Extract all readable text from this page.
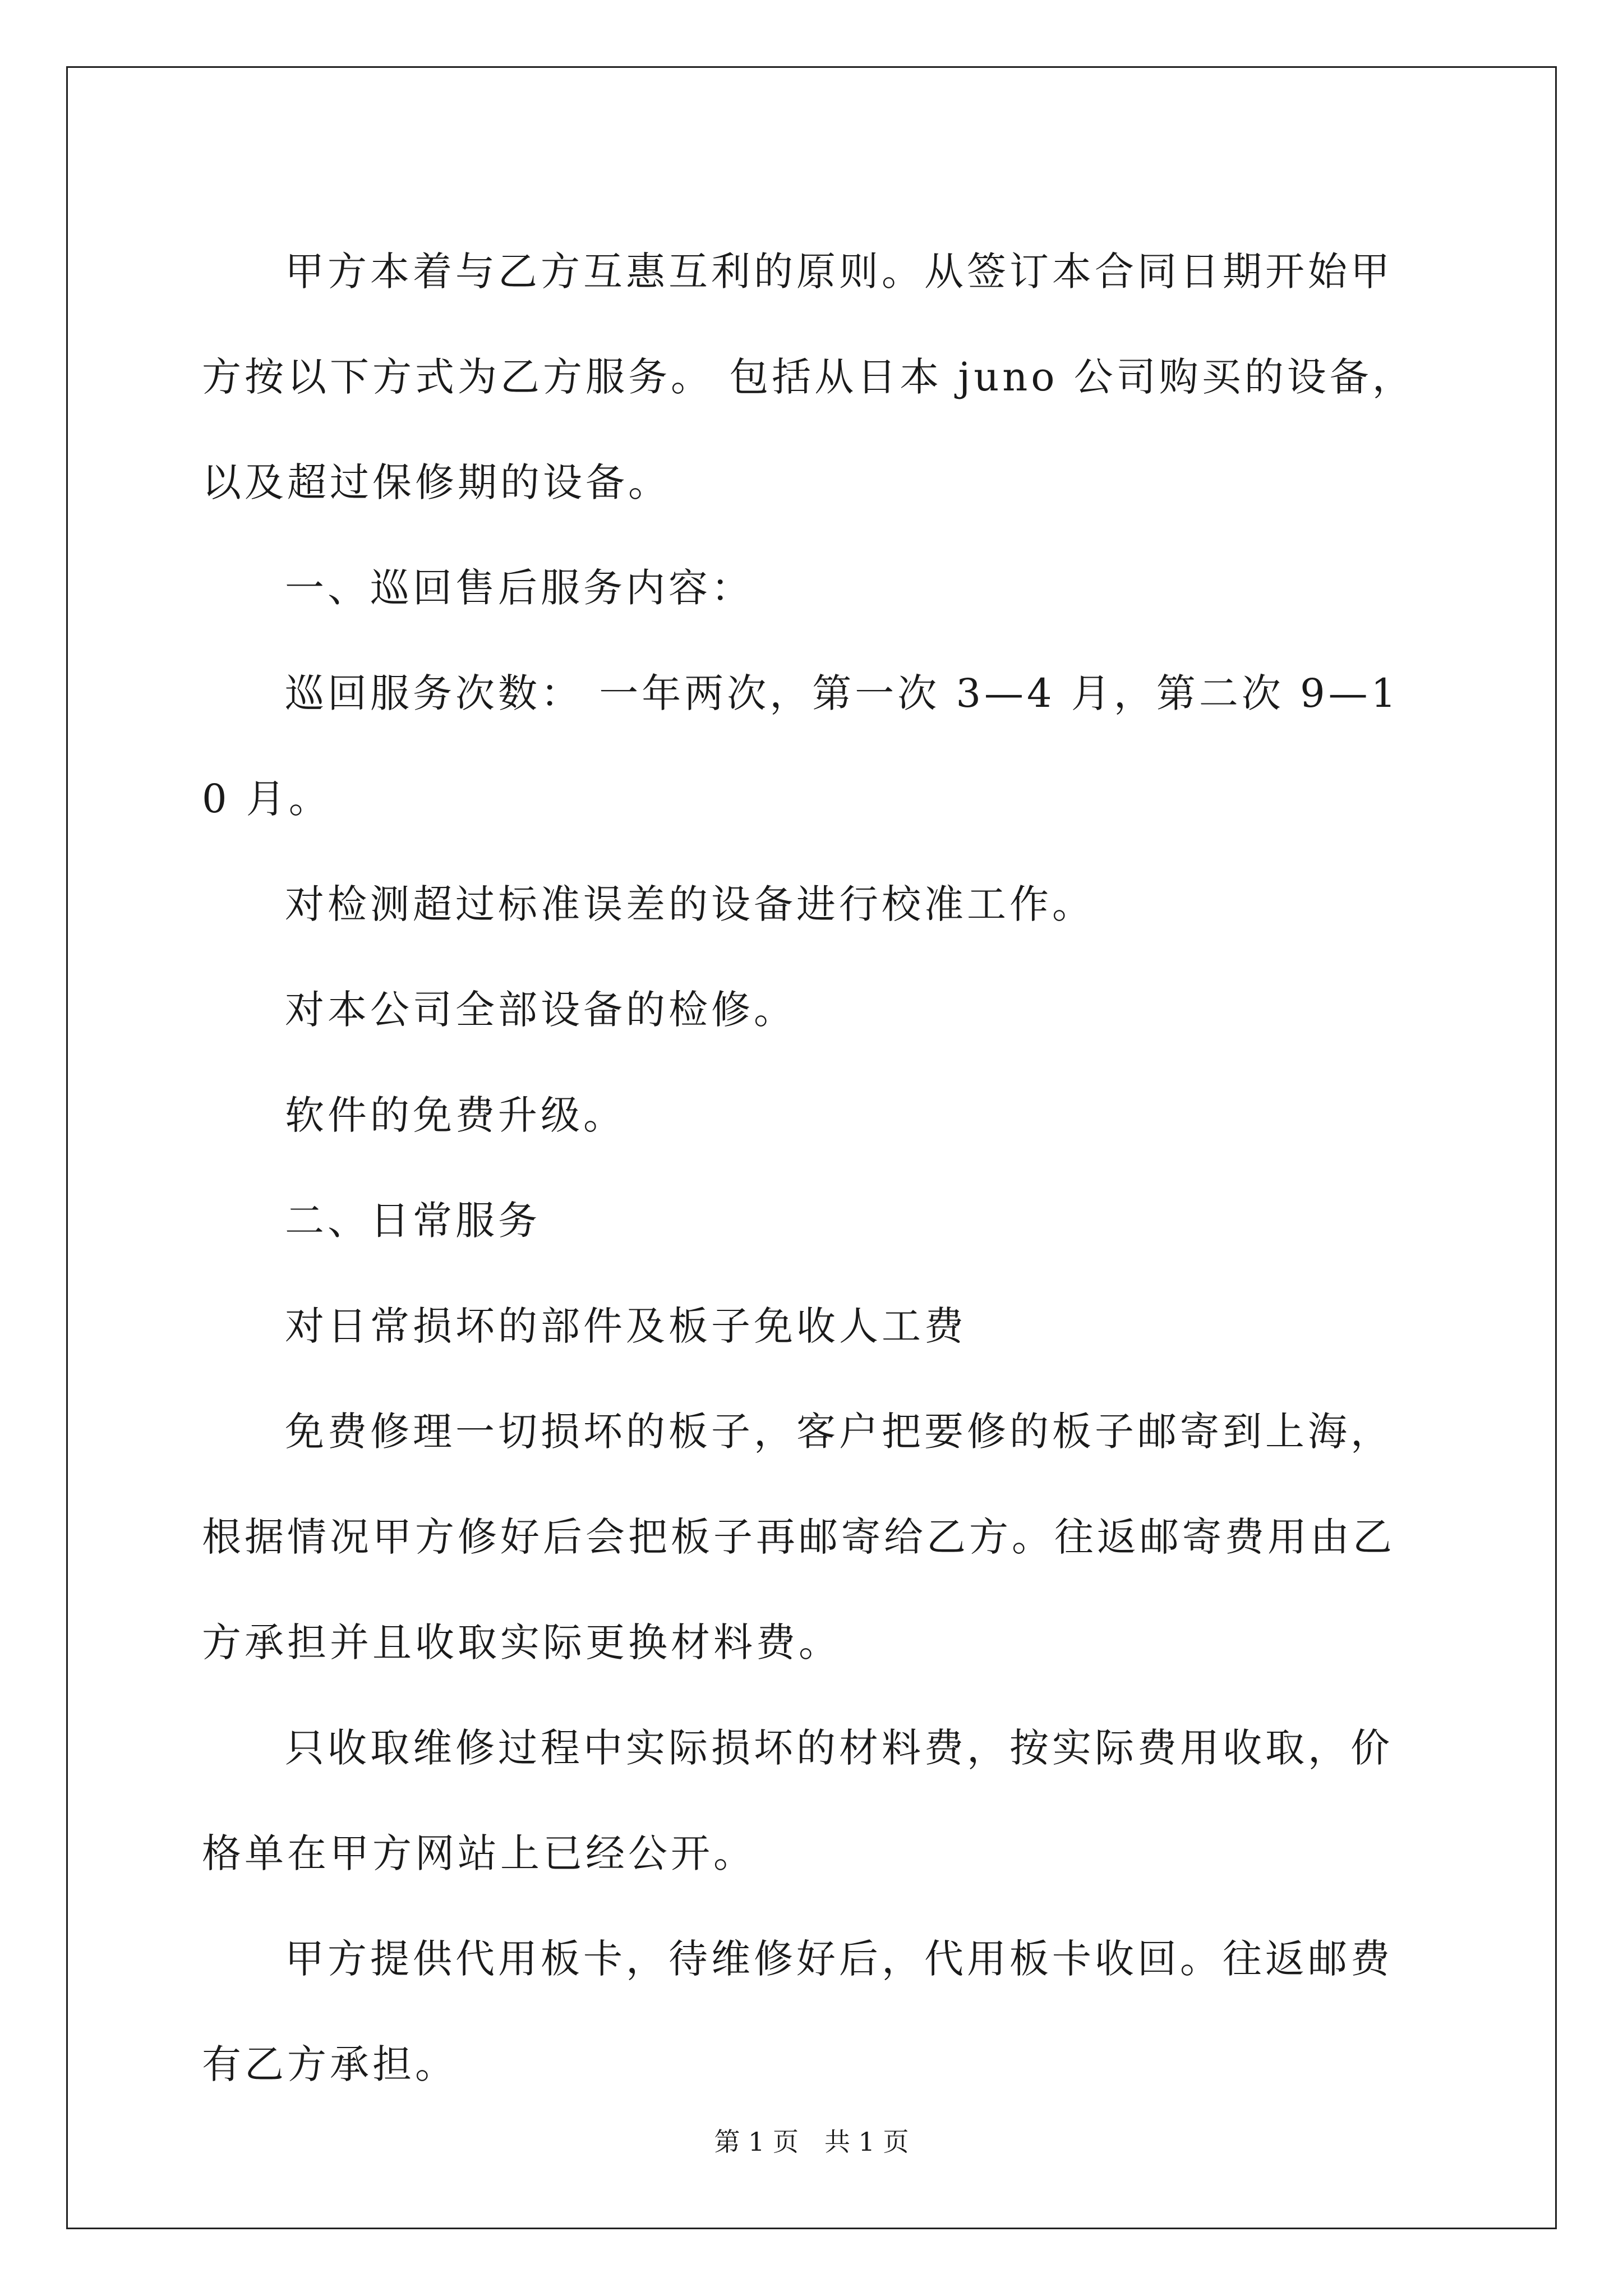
甲方本着与乙方互惠互利的原则。从签订本合同日期开始甲方按以下方式为乙方服务。 包括从日本 juno 公司购买的设备，以及超过保修期的设备。

一、巡回售后服务内容：

巡回服务次数： 一年两次，第一次 3—4 月，第二次 9—10 月。

对检测超过标准误差的设备进行校准工作。

对本公司全部设备的检修。

软件的免费升级。

二、日常服务

对日常损坏的部件及板子免收人工费

免费修理一切损坏的板子，客户把要修的板子邮寄到上海，根据情况甲方修好后会把板子再邮寄给乙方。往返邮寄费用由乙方承担并且收取实际更换材料费。

只收取维修过程中实际损坏的材料费，按实际费用收取，价格单在甲方网站上已经公开。

甲方提供代用板卡，待维修好后，代用板卡收回。往返邮费有乙方承担。

第 1 页　共 1 页
